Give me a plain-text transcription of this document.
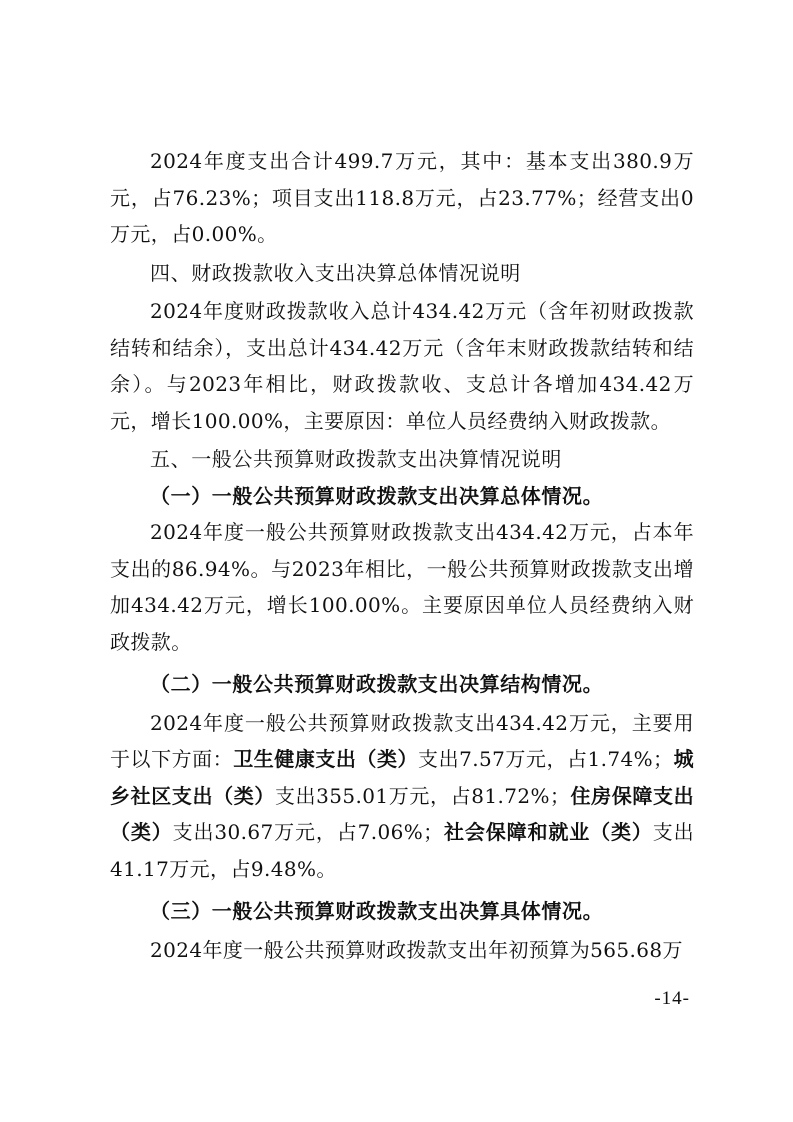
2024年度支出合计499.7万元，其中：基本支出380.9万元，占76.23%；项目支出118.8万元，占23.77%；经营支出0万元，占0.00%。

四、财政拨款收入支出决算总体情况说明

2024年度财政拨款收入总计434.42万元（含年初财政拨款结转和结余），支出总计434.42万元（含年末财政拨款结转和结余）。与2023年相比，财政拨款收、支总计各增加434.42万元，增长100.00%，主要原因：单位人员经费纳入财政拨款。

五、一般公共预算财政拨款支出决算情况说明

（一）一般公共预算财政拨款支出决算总体情况。

2024年度一般公共预算财政拨款支出434.42万元，占本年支出的86.94%。与2023年相比，一般公共预算财政拨款支出增加434.42万元，增长100.00%。主要原因单位人员经费纳入财政拨款。

（二）一般公共预算财政拨款支出决算结构情况。

2024年度一般公共预算财政拨款支出434.42万元，主要用于以下方面：卫生健康支出（类）支出7.57万元，占1.74%；城乡社区支出（类）支出355.01万元，占81.72%；住房保障支出（类）支出30.67万元，占7.06%；社会保障和就业（类）支出41.17万元，占9.48%。

（三）一般公共预算财政拨款支出决算具体情况。

2024年度一般公共预算财政拨款支出年初预算为565.68万

-14-
